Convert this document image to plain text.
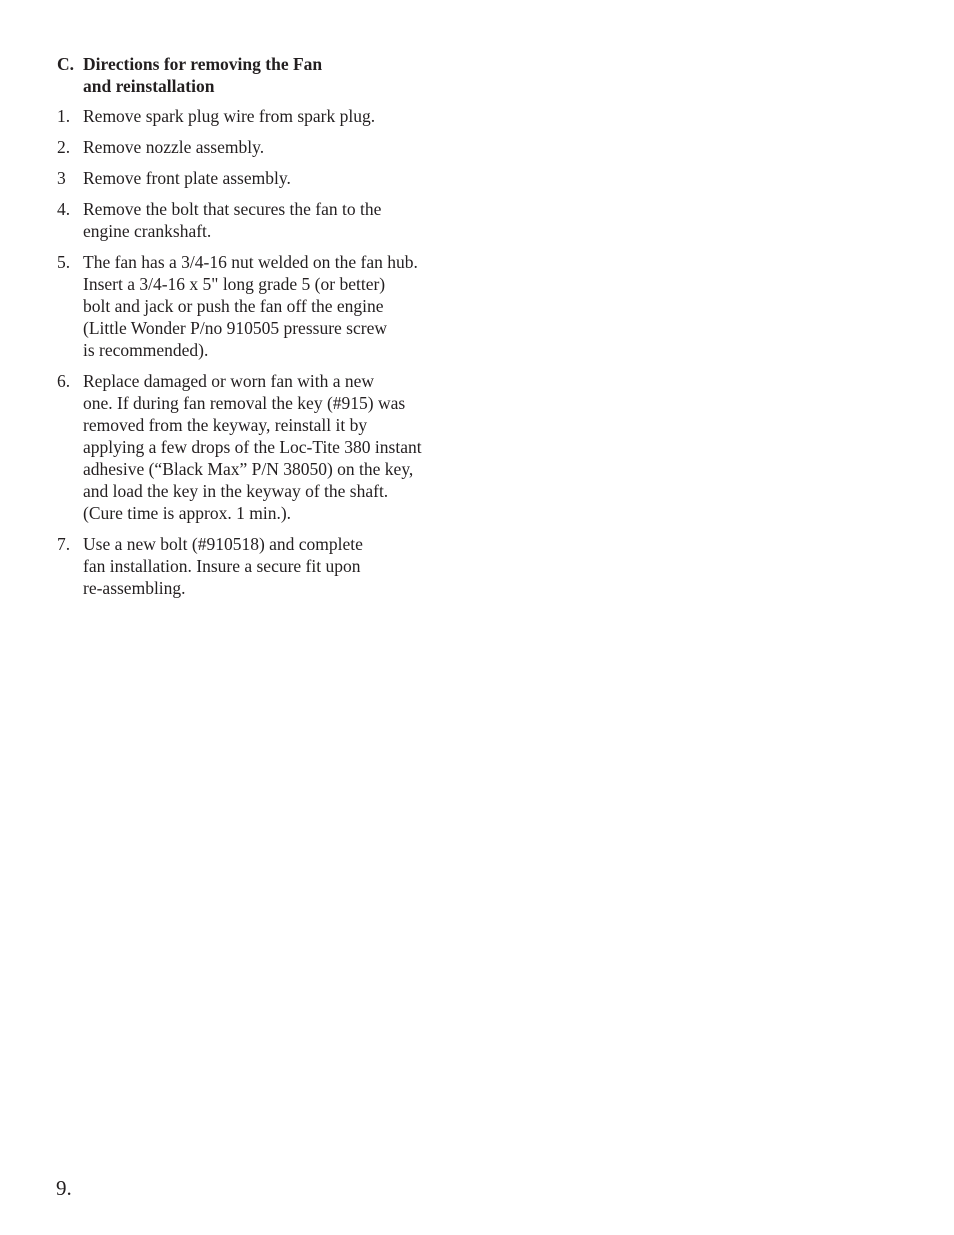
C. Directions for removing the Fan
and reinstallation
1. Remove spark plug wire from spark plug.
2. Remove nozzle assembly.
3 Remove front plate assembly.
4. Remove the bolt that secures the fan to the
engine crankshaft.
5. The fan has a 3/4-16 nut welded on the fan hub.
Insert a 3/4-16 x 5" long grade 5 (or better)
bolt and jack or push the fan off the engine
(Little Wonder P/no 910505 pressure screw
is recommended).
6. Replace damaged or worn fan with a new
one. If during fan removal the key (#915) was
removed from the keyway, reinstall it by
applying a few drops of the Loc-Tite 380 instant
adhesive (“Black Max” P/N 38050) on the key,
and load the key in the keyway of the shaft.
(Cure time is approx. 1 min.).
7. Use a new bolt (#910518) and complete
fan installation. Insure a secure fit upon
re-assembling.
9.
